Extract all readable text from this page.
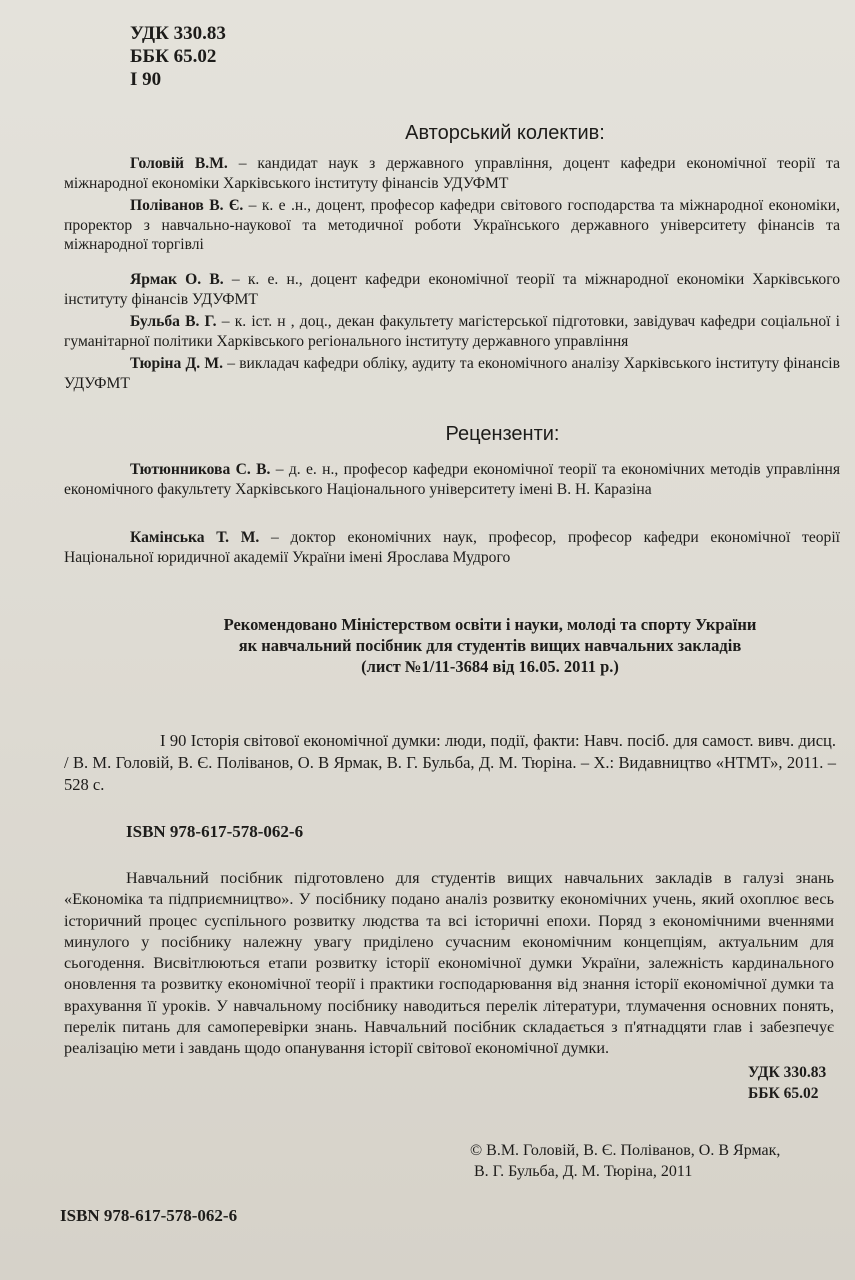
УДК 330.83
ББК 65.02
І 90
Авторський колектив:
Головій В.М. – кандидат наук з державного управління, доцент кафедри економічної теорії та міжнародної економіки Харківського інституту фінансів УДУФМТ
Поліванов В. Є. – к. е .н., доцент, професор кафедри світового господарства та міжнародної економіки, проректор з навчально-наукової та методичної роботи Українського державного університету фінансів та міжнародної торгівлі
Ярмак О. В. – к. е. н., доцент кафедри економічної теорії та міжнародної економіки Харківського інституту фінансів УДУФМТ
Бульба В. Г. – к. іст. н , доц., декан факультету магістерської підготовки, завідувач кафедри соціальної і гуманітарної політики Харківського регіонального інституту державного управління
Тюріна Д. М. – викладач кафедри обліку, аудиту та економічного аналізу Харківського інституту фінансів УДУФМТ
Рецензенти:
Тютюнникова С. В. – д. е. н., професор кафедри економічної теорії та економічних методів управління економічного факультету Харківського Національного університету імені В. Н. Каразіна
Камінська Т. М. – доктор економічних наук, професор, професор кафедри економічної теорії Національної юридичної академії України імені Ярослава Мудрого
Рекомендовано Міністерством освіти і науки, молоді та спорту України
як навчальний посібник для студентів вищих навчальних закладів
(лист №1/11-3684 від 16.05. 2011 р.)
І 90 Історія світової економічної думки: люди, події, факти: Навч. посіб. для самост. вивч. дисц. / В. М. Головій, В. Є. Поліванов, О. В Ярмак, В. Г. Бульба, Д. М. Тюріна. – Х.: Видавництво «НТМТ», 2011. – 528 с.
ISBN 978-617-578-062-6
Навчальний посібник підготовлено для студентів вищих навчальних закладів в галузі знань «Економіка та підприємництво». У посібнику подано аналіз розвитку економічних учень, який охоплює весь історичний процес суспільного розвитку людства та всі історичні епохи. Поряд з економічними вченнями минулого у посібнику належну увагу приділено сучасним економічним концепціям, актуальним для сьогодення. Висвітлюються етапи розвитку історії економічної думки України, залежність кардинального оновлення та розвитку економічної теорії і практики господарювання від знання історії економічної думки та врахування її уроків. У навчальному посібнику наводиться перелік літератури, тлумачення основних понять, перелік питань для самоперевірки знань. Навчальний посібник складається з п'ятнадцяти глав і забезпечує реалізацію мети і завдань щодо опанування історії світової економічної думки.
УДК 330.83
ББК 65.02
© В.М. Головій, В. Є. Поліванов, О. В Ярмак,
В. Г. Бульба, Д. М. Тюріна, 2011
ISBN 978-617-578-062-6
